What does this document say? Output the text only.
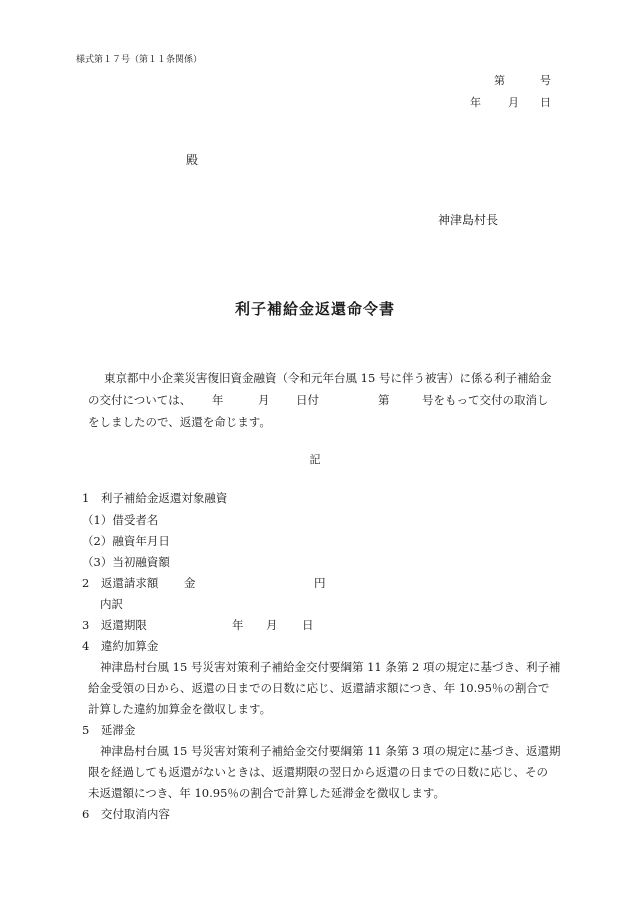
様式第１７号（第１１条関係）
第	号
年 月 日
殿
神津島村長
利子補給金返還命令書
東京都中小企業災害復旧資金融資（令和元年台風 15 号に伴う被害）に係る利子補給金
の交付については、 年	月 日付	第	号をもって交付の取消し
をしましたので、返還を命じます。
記
1　利子補給金返還対象融資
（1）借受者名
（2）融資年月日
（3）当初融資額
2　返還請求額 金	円
内訳
3　返還期限	年 月 日
4　違約加算金
神津島村台風 15 号災害対策利子補給金交付要綱第 11 条第 2 項の規定に基づき、利子補
給金受領の日から、返還の日までの日数に応じ、返還請求額につき、年 10.95％の割合で
計算した違約加算金を徴収します。
5　延滞金
神津島村台風 15 号災害対策利子補給金交付要綱第 11 条第 3 項の規定に基づき、返還期
限を経過しても返還がないときは、返還期限の翌日から返還の日までの日数に応じ、その
未返還額につき、年 10.95％の割合で計算した延滞金を徴収します。
6　交付取消内容
